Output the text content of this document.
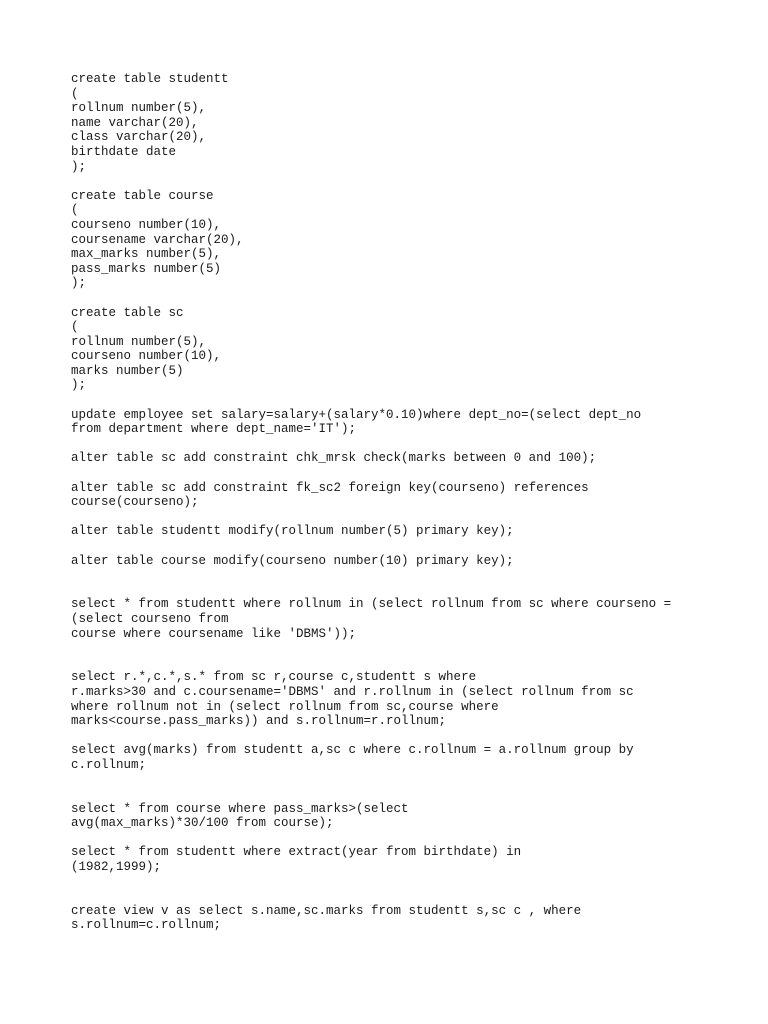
create table studentt
(
rollnum number(5),
name varchar(20),
class varchar(20),
birthdate date
);
create table course
(
courseno number(10),
coursename varchar(20),
max_marks number(5),
pass_marks number(5)
);
create table sc
(
rollnum number(5),
courseno number(10),
marks number(5)
);
update employee set salary=salary+(salary*0.10)where dept_no=(select dept_no
from department where dept_name='IT');
alter table sc add constraint chk_mrsk check(marks between 0 and 100);
alter table sc add constraint fk_sc2 foreign key(courseno) references
course(courseno);
alter table studentt modify(rollnum number(5) primary key);
alter table course modify(courseno number(10) primary key);
select * from studentt where rollnum in (select rollnum from sc where courseno =
(select courseno from
course where coursename like 'DBMS'));
select r.*,c.*,s.* from sc r,course c,studentt s where
r.marks>30 and c.coursename='DBMS' and r.rollnum in (select rollnum from sc
where rollnum not in (select rollnum from sc,course where
marks<course.pass_marks)) and s.rollnum=r.rollnum;
select avg(marks) from studentt a,sc c where c.rollnum = a.rollnum group by
c.rollnum;
select * from course where pass_marks>(select
avg(max_marks)*30/100 from course);
select * from studentt where extract(year from birthdate) in
(1982,1999);
create view v as select s.name,sc.marks from studentt s,sc c , where
s.rollnum=c.rollnum;
